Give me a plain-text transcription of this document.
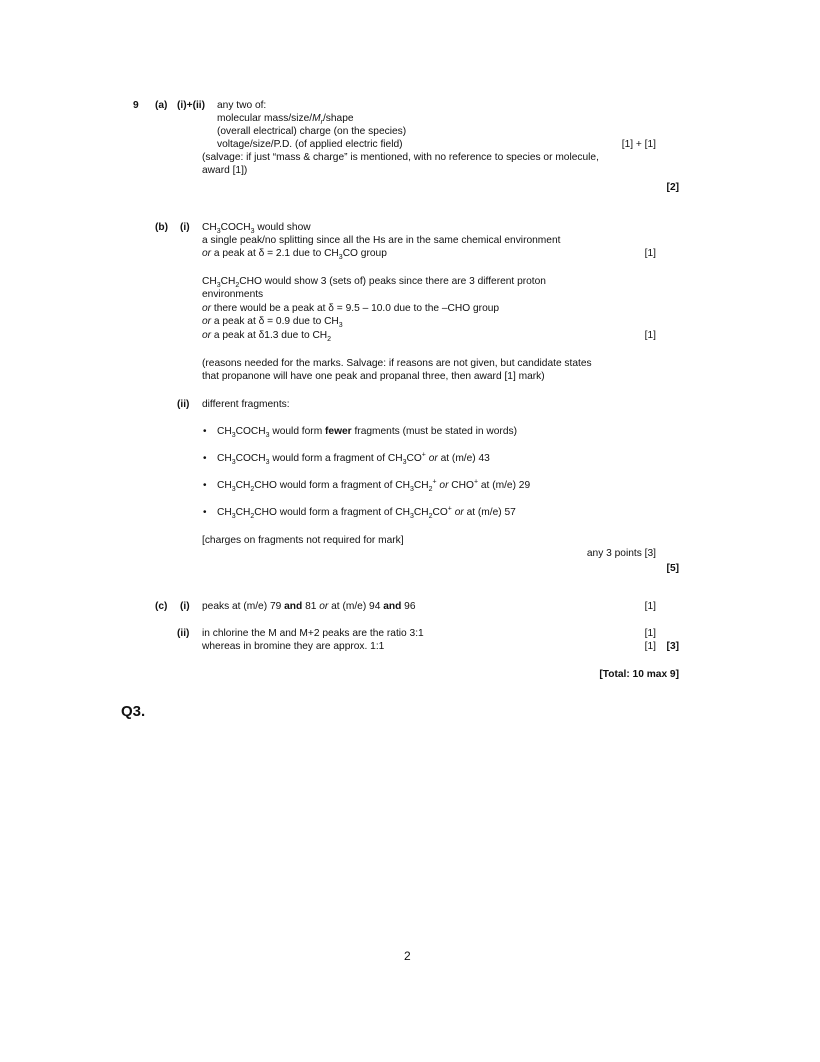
9 (a) (i)+(ii) any two of:
molecular mass/$size/M_r$/shape
(overall electrical) charge (on the species)
voltage/size/P.D. (of applied electric field)	[1] + [1]
(salvage: if just “mass & charge” is mentioned, with no reference to species or molecule,
award [1])
[2]
(b) (i) $CH_3COCH_3$ would show
a single peak/no splitting since all the Hs are in the same chemical environment
or a peak at δ = 2.1 due to $CH_3CO$ group	[1]
$CH_3CH_2CHO$ would show 3 (sets of) peaks since there are 3 different proton
environments
or there would be a peak at δ = 9.5 – 10.0 due to the –CHO group
or a peak at δ = 0.9 due to $CH_3$
or a peak at δ1.3 due to $CH_2$	[1]
(reasons needed for the marks. Salvage: if reasons are not given, but candidate states
that propanone will have one peak and propanal three, then award [1] mark)
(ii) different fragments:
• $CH_3COCH_3$ would form fewer fragments (must be stated in words)
• $CH_3COCH_3$ would form a fragment of $CH_3CO^+$ or at (m/e) 43
• $CH_3CH_2CHO$ would form a fragment of $CH_3CH_2^+$ or CHO+ at (m/e) 29
• $CH_3CH_2CHO$ would form a fragment of $CH_3CH_2CO^+$ or at (m/e) 57
[charges on fragments not required for mark]
any 3 points [3]
[5]
(c) (i) peaks at (m/e) 79 and 81 or at (m/e) 94 and 96	[1]
(ii) in chlorine the M and M+2 peaks are the ratio 3:1	[1]
whereas in bromine they are approx. 1:1	[1] [3]
[Total: 10 max 9]
Q3.
2
